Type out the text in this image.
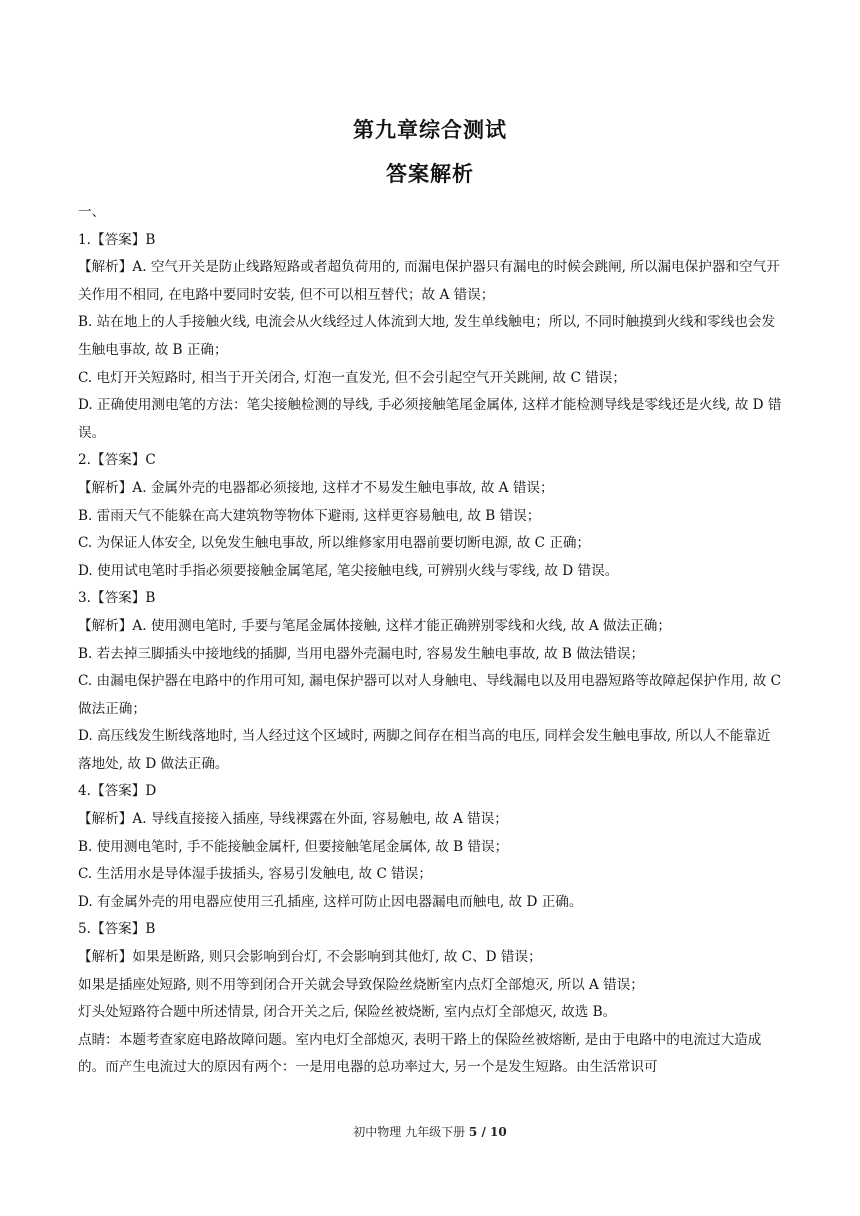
第九章综合测试
答案解析
一、
1.【答案】B
【解析】A. 空气开关是防止线路短路或者超负荷用的, 而漏电保护器只有漏电的时候会跳闸, 所以漏电保护器和空气开关作用不相同, 在电路中要同时安装, 但不可以相互替代；故 A 错误；
B. 站在地上的人手接触火线, 电流会从火线经过人体流到大地, 发生单线触电；所以, 不同时触摸到火线和零线也会发生触电事故, 故 B 正确；
C. 电灯开关短路时, 相当于开关闭合, 灯泡一直发光, 但不会引起空气开关跳闸, 故 C 错误；
D. 正确使用测电笔的方法：笔尖接触检测的导线, 手必须接触笔尾金属体, 这样才能检测导线是零线还是火线, 故 D 错误。
2.【答案】C
【解析】A. 金属外壳的电器都必须接地, 这样才不易发生触电事故, 故 A 错误；
B. 雷雨天气不能躲在高大建筑物等物体下避雨, 这样更容易触电, 故 B 错误；
C. 为保证人体安全, 以免发生触电事故, 所以维修家用电器前要切断电源, 故 C 正确；
D. 使用试电笔时手指必须要接触金属笔尾, 笔尖接触电线, 可辨别火线与零线, 故 D 错误。
3.【答案】B
【解析】A. 使用测电笔时, 手要与笔尾金属体接触, 这样才能正确辨别零线和火线, 故 A 做法正确；
B. 若去掉三脚插头中接地线的插脚, 当用电器外壳漏电时, 容易发生触电事故, 故 B 做法错误；
C. 由漏电保护器在电路中的作用可知, 漏电保护器可以对人身触电、导线漏电以及用电器短路等故障起保护作用, 故 C 做法正确；
D. 高压线发生断线落地时, 当人经过这个区域时, 两脚之间存在相当高的电压, 同样会发生触电事故, 所以人不能靠近落地处, 故 D 做法正确。
4.【答案】D
【解析】A. 导线直接接入插座, 导线裸露在外面, 容易触电, 故 A 错误；
B. 使用测电笔时, 手不能接触金属杆, 但要接触笔尾金属体, 故 B 错误；
C. 生活用水是导体湿手拔插头, 容易引发触电, 故 C 错误；
D. 有金属外壳的用电器应使用三孔插座, 这样可防止因电器漏电而触电, 故 D 正确。
5.【答案】B
【解析】如果是断路, 则只会影响到台灯, 不会影响到其他灯, 故 C、D 错误；
如果是插座处短路, 则不用等到闭合开关就会导致保险丝烧断室内点灯全部熄灭, 所以 A 错误；
灯头处短路符合题中所述情景, 闭合开关之后, 保险丝被烧断, 室内点灯全部熄灭, 故选 B。
点睛：本题考查家庭电路故障问题。室内电灯全部熄灭, 表明干路上的保险丝被熔断, 是由于电路中的电流过大造成的。而产生电流过大的原因有两个：一是用电器的总功率过大, 另一个是发生短路。由生活常识可
初中物理 九年级下册 5 / 10
